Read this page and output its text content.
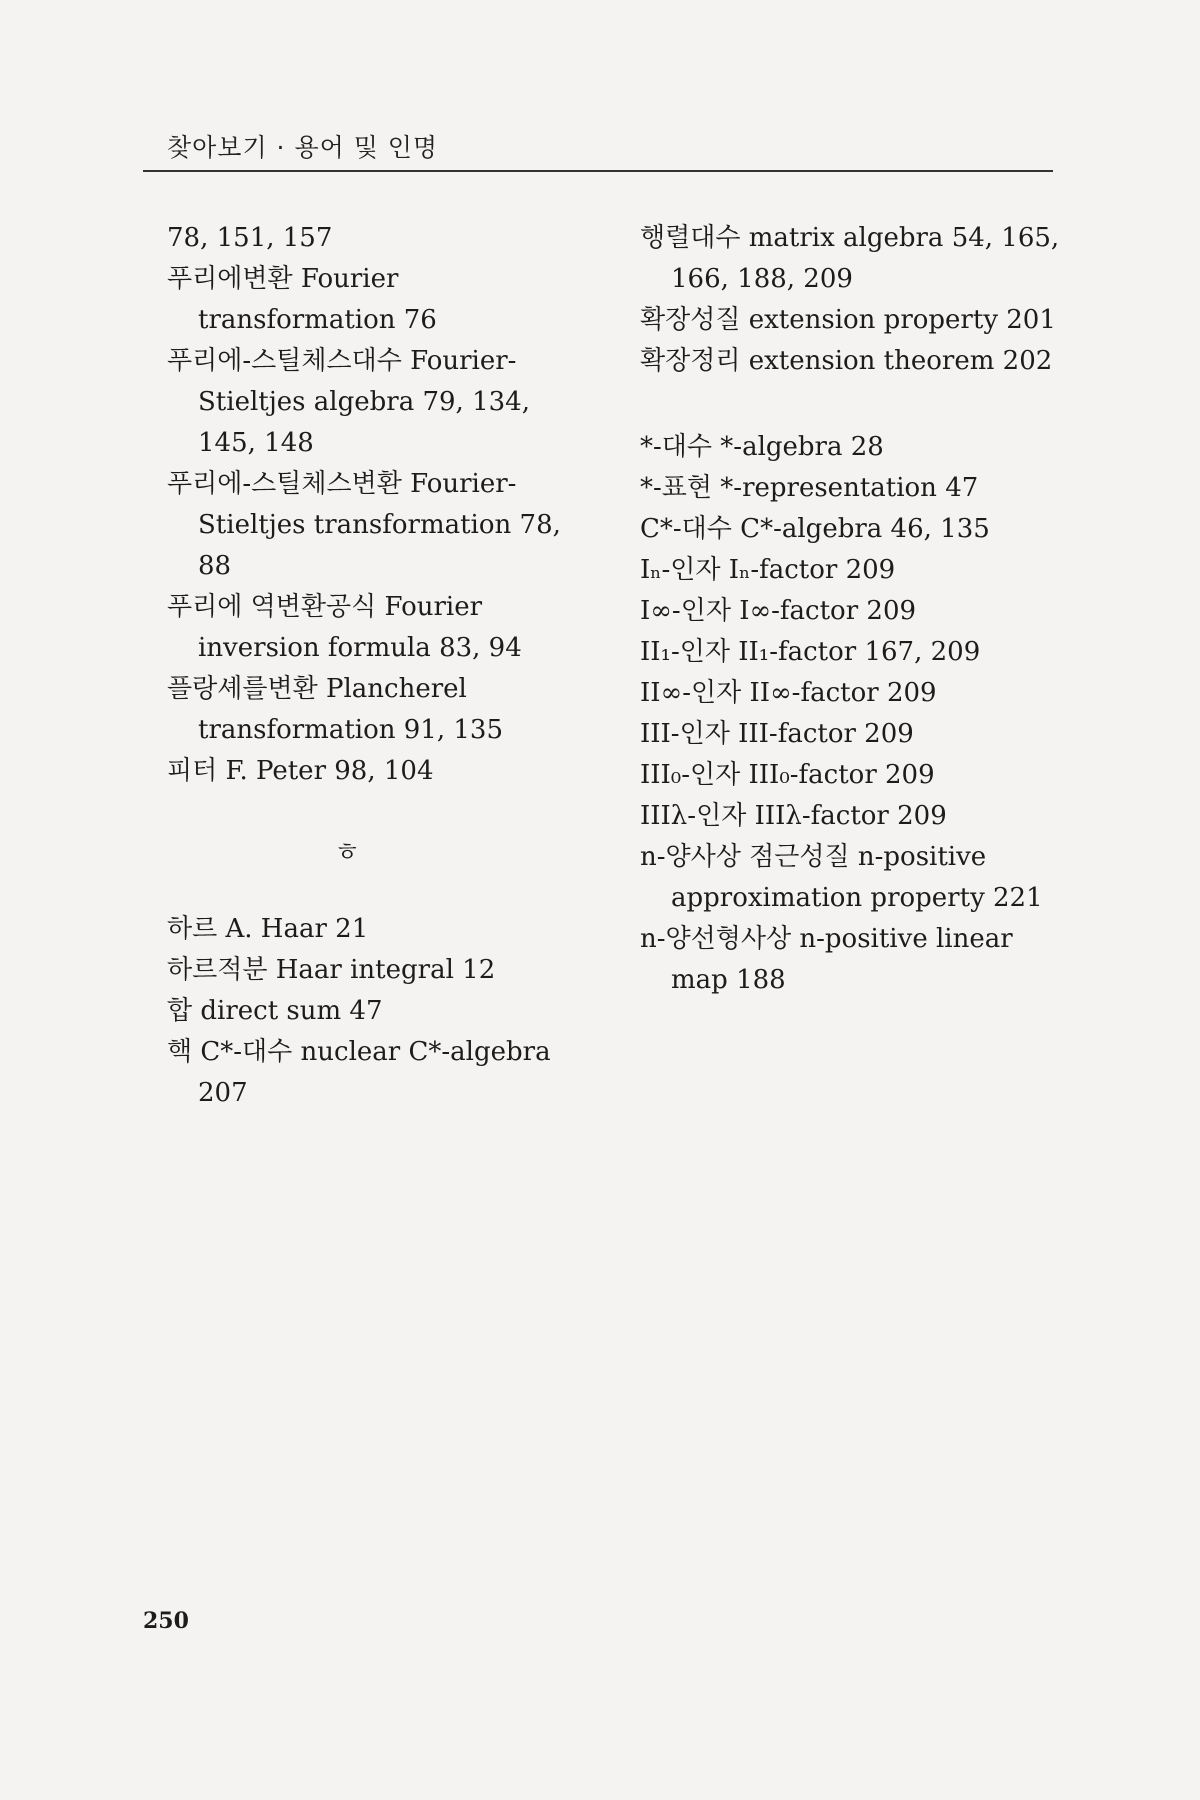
찾아보기 · 용어 및 인명
78, 151, 157
푸리에변환 Fourier transformation 76
푸리에-스틸체스대수 Fourier-Stieltjes algebra 79, 134, 145, 148
푸리에-스틸체스변환 Fourier-Stieltjes transformation 78, 88
푸리에 역변환공식 Fourier inversion formula 83, 94
플랑셰를변환 Plancherel transformation 91, 135
피터 F. Peter 98, 104
ㅎ
하르 A. Haar 21
하르적분 Haar integral 12
합 direct sum 47
핵 C*-대수 nuclear C*-algebra 207
행렬대수 matrix algebra 54, 165, 166, 188, 209
확장성질 extension property 201
확장정리 extension theorem 202
*-대수 *-algebra 28
*-표현 *-representation 47
C*-대수 C*-algebra 46, 135
Iₙ-인자 Iₙ-factor 209
I∞-인자 I∞-factor 209
II₁-인자 II₁-factor 167, 209
II∞-인자 II∞-factor 209
III-인자 III-factor 209
III₀-인자 III₀-factor 209
IIIλ-인자 IIIλ-factor 209
n-양사상 점근성질 n-positive approximation property 221
n-양선형사상 n-positive linear map 188
250
